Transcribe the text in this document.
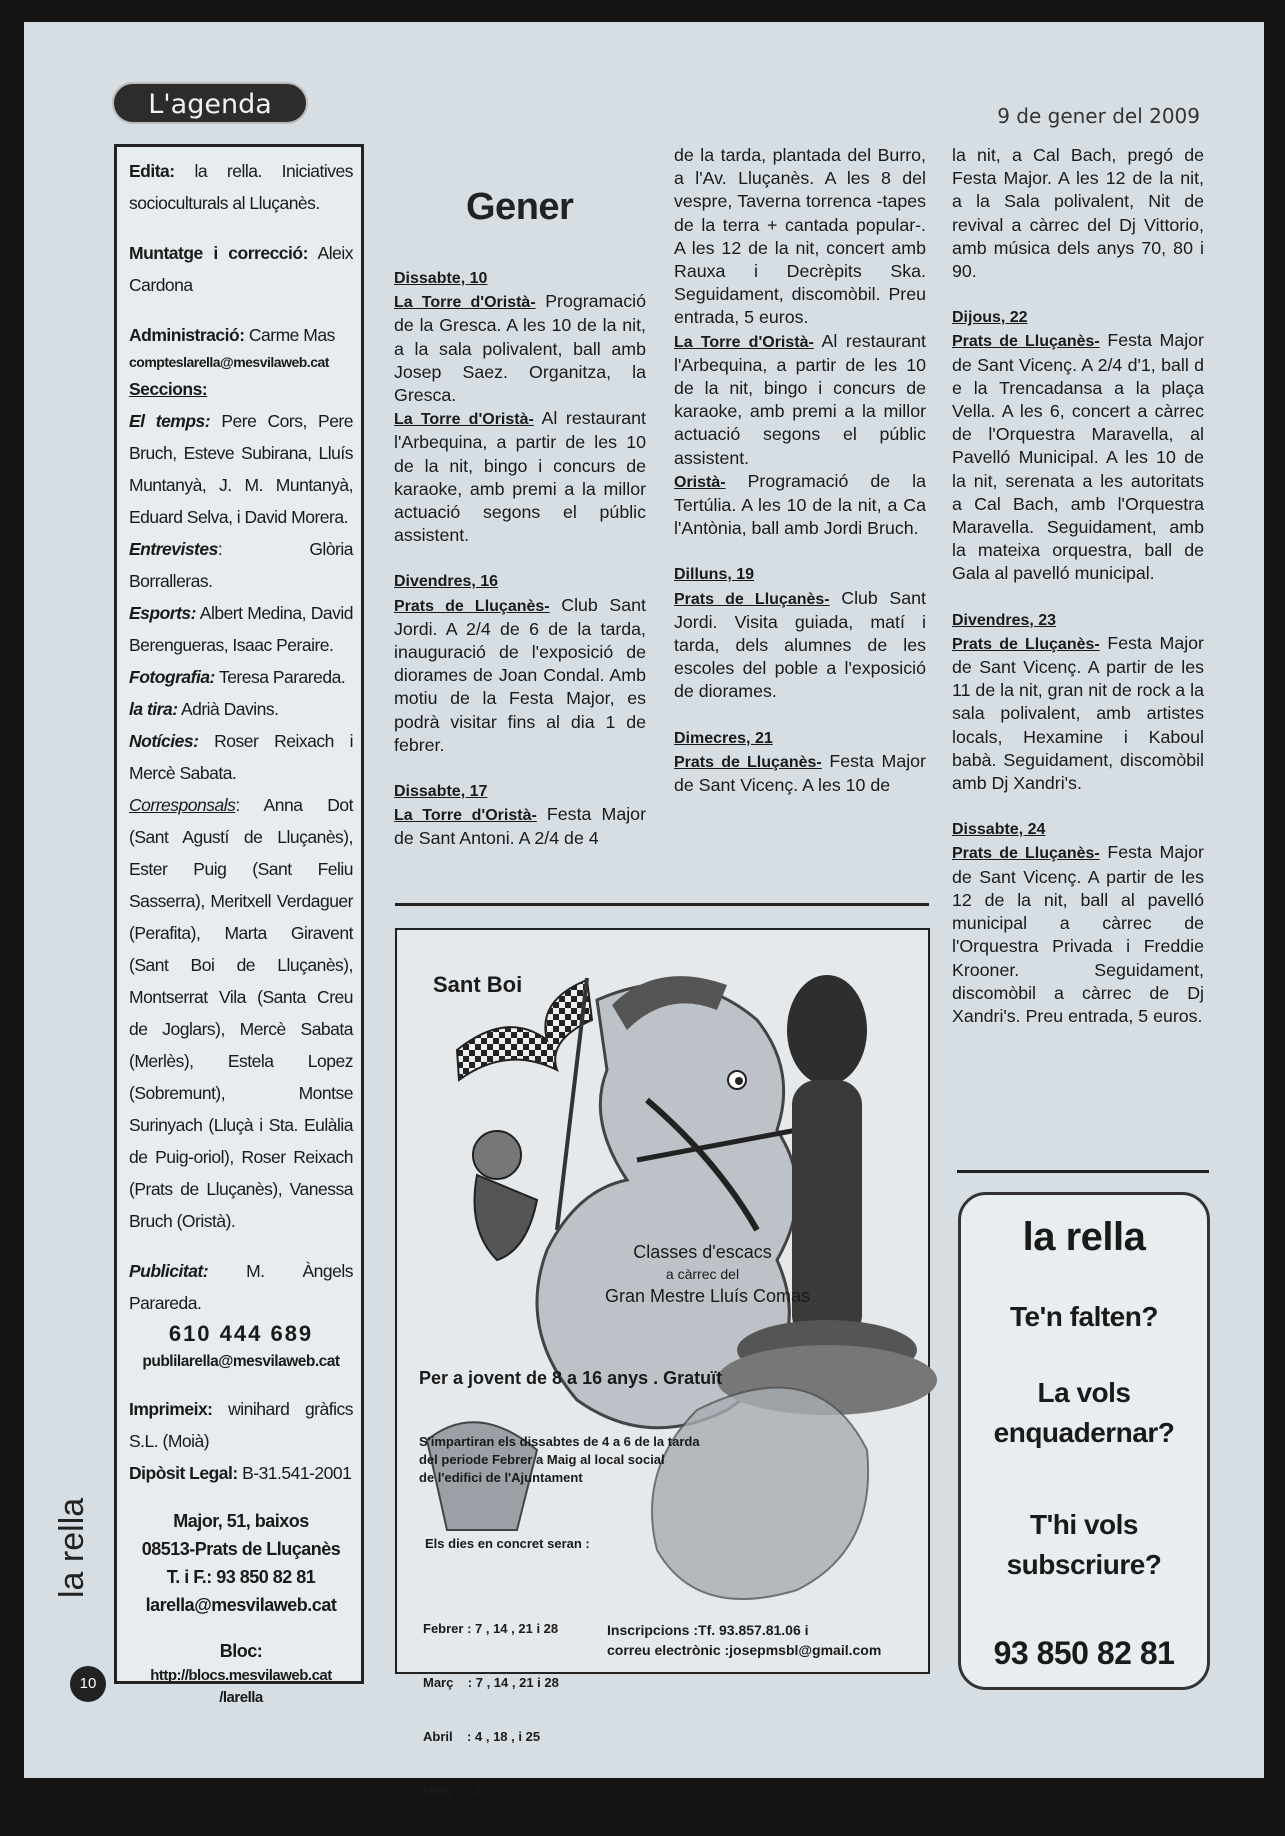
L'agenda	9 de gener del 2009

Edita: la rella. Iniciatives socioculturals al Lluçanès.

Muntatge i correcció: Aleix Cardona

Administració: Carme Mas

compteslarella@mesvilaweb.cat

Seccions:

El temps: Pere Cors, Pere Bruch, Esteve Subirana, Lluís Muntanyà, J. M. Muntanyà, Eduard Selva, i David Morera.

Entrevistes: Glòria Borralleras.

Esports: Albert Medina, David Berengueras, Isaac Peraire.

Fotografia: Teresa Parareda.

la tira: Adrià Davins.

Notícies: Roser Reixach i Mercè Sabata.

Corresponsals: Anna Dot (Sant Agustí de Lluçanès), Ester Puig (Sant Feliu Sasserra), Meritxell Verdaguer (Perafita), Marta Giravent (Sant Boi de Lluçanès), Montserrat Vila (Santa Creu de Joglars), Mercè Sabata (Merlès), Estela Lopez (Sobremunt), Montse Surinyach (Lluçà i Sta. Eulàlia de Puig-oriol), Roser Reixach (Prats de Lluçanès), Vanessa Bruch (Oristà).

Publicitat: M. Àngels Parareda.

610 444 689

publilarella@mesvilaweb.cat

Imprimeix: winihard gràfics S.L. (Moià)

Dipòsit Legal: B-31.541-2001

Major, 51, baixos

08513-Prats de Lluçanès

T. i F.: 93 850 82 81

larella@mesvilaweb.cat

Bloc:

http://blocs.mesvilaweb.cat

/larella

la rella
10
Gener

Dissabte, 10

La Torre d'Oristà- Programació de la Gresca. A les 10 de la nit, a la sala polivalent, ball amb Josep Saez. Organitza, la Gresca.

La Torre d'Oristà- Al restaurant l'Arbequina, a partir de les 10 de la nit, bingo i concurs de karaoke, amb premi a la millor actuació segons el públic assistent.

Divendres, 16

Prats de Lluçanès- Club Sant Jordi. A 2/4 de 6 de la tarda, inauguració de l'exposició de diorames de Joan Condal. Amb motiu de la Festa Major, es podrà visitar fins al dia 1 de febrer.

Dissabte, 17

La Torre d'Oristà- Festa Major de Sant Antoni. A 2/4 de 4

de la tarda, plantada del Burro, a l'Av. Lluçanès. A les 8 del vespre, Taverna torrenca -tapes de la terra + cantada popular-. A les 12 de la nit, concert amb Rauxa i Decrèpits Ska. Seguidament, discomòbil. Preu entrada, 5 euros.

La Torre d'Oristà- Al restaurant l'Arbequina, a partir de les 10 de la nit, bingo i concurs de karaoke, amb premi a la millor actuació segons el públic assistent.

Oristà- Programació de la Tertúlia. A les 10 de la nit, a Ca l'Antònia, ball amb Jordi Bruch.

Dilluns, 19

Prats de Lluçanès- Club Sant Jordi. Visita guiada, matí i tarda, dels alumnes de les escoles del poble a l'exposició de diorames.

Dimecres, 21

Prats de Lluçanès- Festa Major de Sant Vicenç. A les 10 de

la nit, a Cal Bach, pregó de Festa Major. A les 12 de la nit, a la Sala polivalent, Nit de revival a càrrec del Dj Vittorio, amb música dels anys 70, 80 i 90.

Dijous, 22

Prats de Lluçanès- Festa Major de Sant Vicenç. A 2/4 d'1, ball d e la Trencadansa a la plaça Vella. A les 6, concert a càrrec de l'Orquestra Maravella, al Pavelló Municipal. A les 10 de la nit, serenata a les autoritats a Cal Bach, amb l'Orquestra Maravella. Seguidament, amb la mateixa orquestra, ball de Gala al pavelló municipal.

Divendres, 23

Prats de Lluçanès- Festa Major de Sant Vicenç. A partir de les 11 de la nit, gran nit de rock a la sala polivalent, amb artistes locals, Hexamine i Kaboul babà. Seguidament, discomòbil amb Dj Xandri's.

Dissabte, 24

Prats de Lluçanès- Festa Major de Sant Vicenç. A partir de les 12 de la nit, ball al pavelló municipal a càrrec de l'Orquestra Privada i Freddie Krooner. Seguidament, discomòbil a càrrec de Dj Xandri's. Preu entrada, 5 euros.

Sant Boi
Classes d'escacs
a càrrec del
Gran Mestre Lluís Comas
Per a jovent de 8 a 16 anys . Gratuït
S'impartiran els dissabtes de 4 a 6 de la tarda
del periode Febrer a Maig al local social
de l'edifici de l'Ajuntament
Els dies en concret seran :

Febrer : 7 , 14 , 21 i 28

Març    : 7 , 14 , 21 i 28

Abril    : 4 , 18 , i 25

Maig    : 2

Inscripcions :Tf. 93.857.81.06 i
correu electrònic :josepmsbl@gmail.com
la rella
Te'n falten?
La vols
enquadernar?
T'hi vols
subscriure?
93 850 82 81
